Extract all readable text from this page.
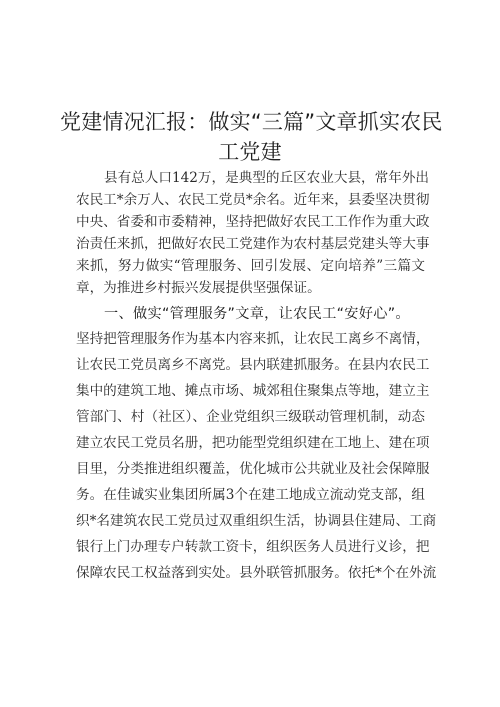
党建情况汇报：做实“三篇”文章抓实农民
工党建
县有总人口142万，是典型的丘区农业大县，常年外出
农民工*余万人、农民工党员*余名。近年来，县委坚决贯彻
中央、省委和市委精神，坚持把做好农民工工作作为重大政
治责任来抓，把做好农民工党建作为农村基层党建头等大事
来抓，努力做实“管理服务、回引发展、定向培养”三篇文
章，为推进乡村振兴发展提供坚强保证。
一、做实“管理服务”文章，让农民工“安好心”。
坚持把管理服务作为基本内容来抓，让农民工离乡不离情，
让农民工党员离乡不离党。县内联建抓服务。在县内农民工
集中的建筑工地、摊点市场、城郊租住聚集点等地，建立主
管部门、村（社区）、企业党组织三级联动管理机制，动态
建立农民工党员名册，把功能型党组织建在工地上、建在项
目里，分类推进组织覆盖，优化城市公共就业及社会保障服
务。在佳诚实业集团所属3个在建工地成立流动党支部，组
织*名建筑农民工党员过双重组织生活，协调县住建局、工商
银行上门办理专户转款工资卡，组织医务人员进行义诊，把
保障农民工权益落到实处。县外联管抓服务。依托*个在外流
